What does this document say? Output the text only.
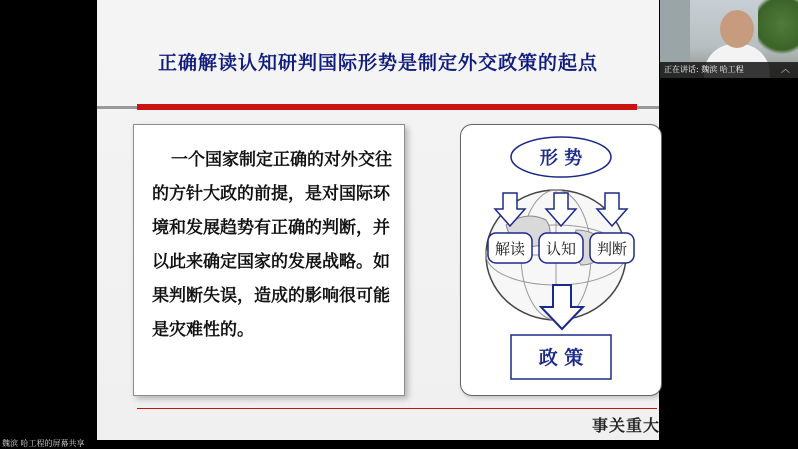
正确解读认知研判国际形势是制定外交政策的起点
一个国家制定正确的对外交往的方针大政的前提，是对国际环境和发展趋势有正确的判断，并以此来确定国家的发展战略。如果判断失误，造成的影响很可能是灾难性的。
形 势
解读 认知 判断
政 策
事关重大
正在讲话: 魏滨 哈工程	︿
魏滨 哈工程的屏幕共享
